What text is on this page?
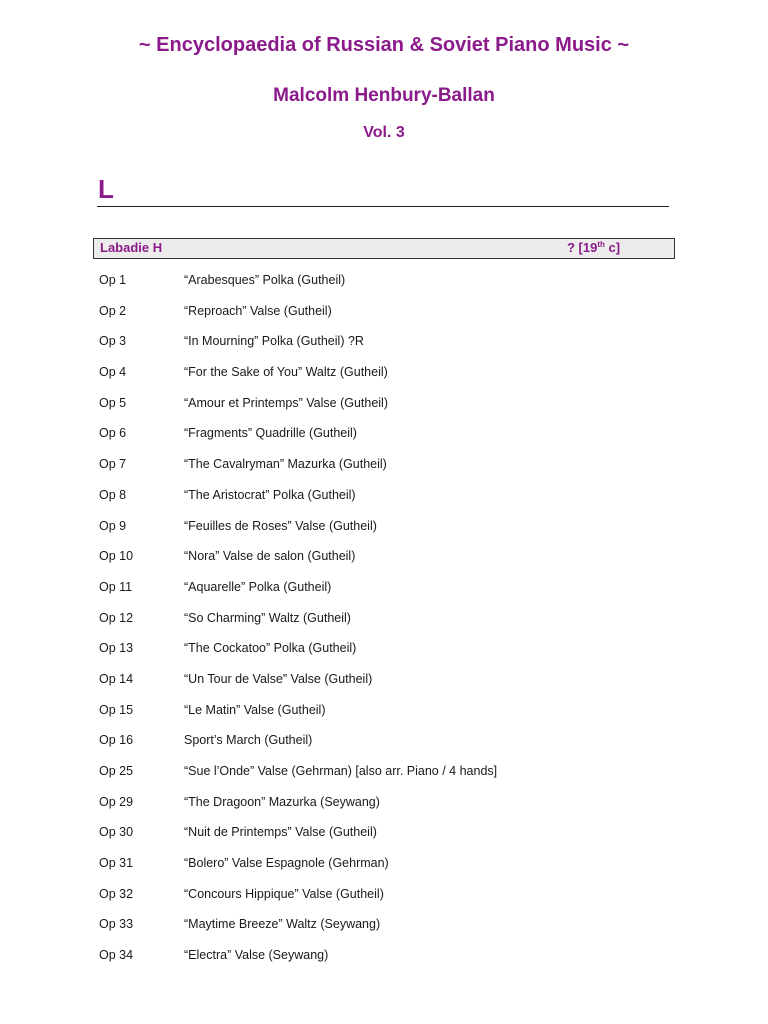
~ Encyclopaedia of Russian & Soviet Piano Music ~
Malcolm Henbury-Ballan
Vol. 3
L
Labadie H	? [19th c]
Op 1	“Arabesques” Polka (Gutheil)
Op 2	“Reproach” Valse (Gutheil)
Op 3	“In Mourning” Polka (Gutheil) ?R
Op 4	“For the Sake of You” Waltz (Gutheil)
Op 5	“Amour et Printemps” Valse (Gutheil)
Op 6	“Fragments” Quadrille (Gutheil)
Op 7	“The Cavalryman” Mazurka (Gutheil)
Op 8	“The Aristocrat” Polka (Gutheil)
Op 9	“Feuilles de Roses” Valse (Gutheil)
Op 10	“Nora” Valse de salon (Gutheil)
Op 11	“Aquarelle” Polka (Gutheil)
Op 12	“So Charming” Waltz (Gutheil)
Op 13	“The Cockatoo” Polka (Gutheil)
Op 14	“Un Tour de Valse” Valse (Gutheil)
Op 15	“Le Matin” Valse (Gutheil)
Op 16	Sport’s March (Gutheil)
Op 25	“Sue l’Onde” Valse (Gehrman) [also arr. Piano / 4 hands]
Op 29	“The Dragoon” Mazurka (Seywang)
Op 30	“Nuit de Printemps” Valse (Gutheil)
Op 31	“Bolero” Valse Espagnole (Gehrman)
Op 32	“Concours Hippique” Valse (Gutheil)
Op 33	“Maytime Breeze” Waltz (Seywang)
Op 34	“Electra” Valse (Seywang)
